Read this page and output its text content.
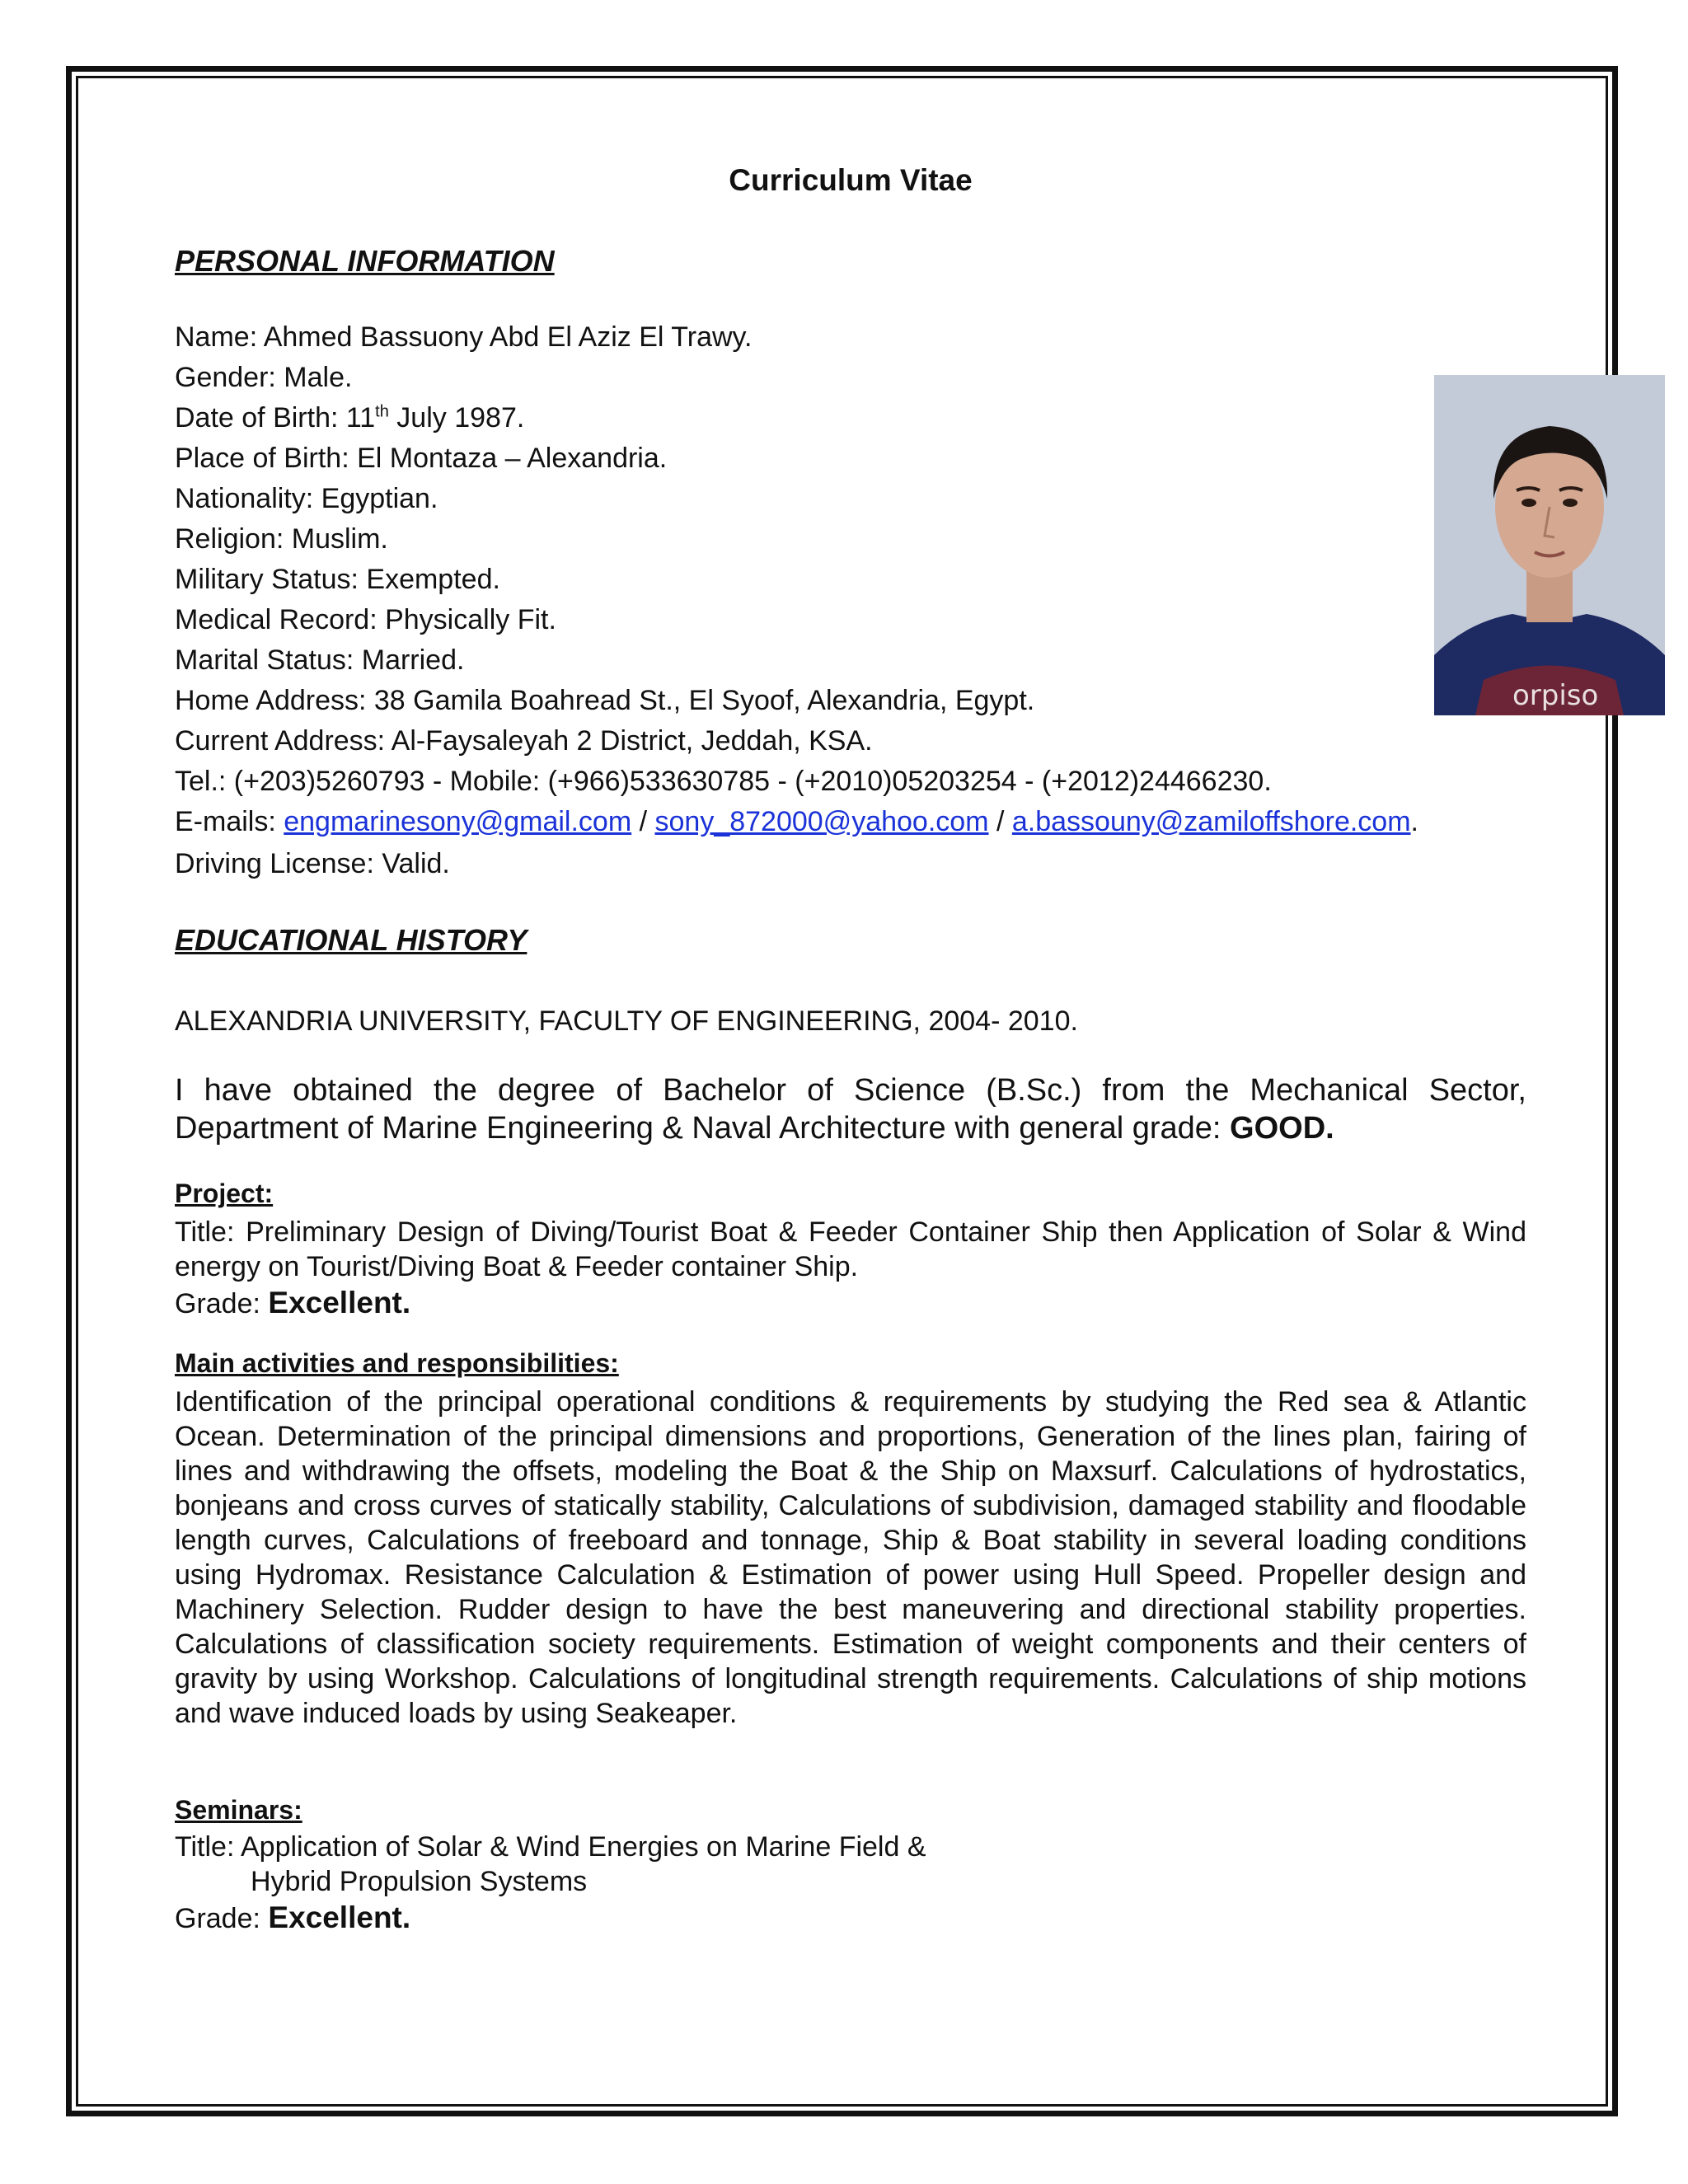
Curriculum Vitae
PERSONAL INFORMATION
orpiso
Name: Ahmed Bassuony Abd El Aziz El Trawy.
Gender: Male.
Date of Birth: 11th July 1987.
Place of Birth: El Montaza – Alexandria.
Nationality: Egyptian.
Religion: Muslim.
Military Status: Exempted.
Medical Record: Physically Fit.
Marital Status: Married.
Home Address: 38 Gamila Boahread St., El Syoof, Alexandria, Egypt.
Current Address: Al-Faysaleyah 2 District, Jeddah, KSA.
Tel.: (+203)5260793 - Mobile: (+966)533630785 - (+2010)05203254 - (+2012)24466230.
E-mails: engmarinesony@gmail.com / sony_872000@yahoo.com / a.bassouny@zamiloffshore.com.
Driving License: Valid.
EDUCATIONAL HISTORY
ALEXANDRIA UNIVERSITY, FACULTY OF ENGINEERING, 2004- 2010.
I have obtained the degree of Bachelor of Science (B.Sc.) from the Mechanical Sector, Department of Marine Engineering & Naval Architecture with general grade: GOOD.
Project:
Title: Preliminary Design of Diving/Tourist Boat & Feeder Container Ship then Application of Solar & Wind energy on Tourist/Diving Boat & Feeder container Ship.
Grade: Excellent.
Main activities and responsibilities:
Identification of the principal operational conditions & requirements by studying the Red sea & Atlantic Ocean. Determination of the principal dimensions and proportions, Generation of the lines plan, fairing of lines and withdrawing the offsets, modeling the Boat & the Ship on Maxsurf. Calculations of hydrostatics, bonjeans and cross curves of statically stability, Calculations of subdivision, damaged stability and floodable length curves, Calculations of freeboard and tonnage, Ship & Boat stability in several loading conditions using Hydromax. Resistance Calculation & Estimation of power using Hull Speed. Propeller design and Machinery Selection. Rudder design to have the best maneuvering and directional stability properties. Calculations of classification society requirements. Estimation of weight components and their centers of gravity by using Workshop. Calculations of longitudinal strength requirements. Calculations of ship motions and wave induced loads by using Seakeaper.
Seminars:
Title: Application of Solar & Wind Energies on Marine Field &
Hybrid Propulsion Systems
Grade: Excellent.
